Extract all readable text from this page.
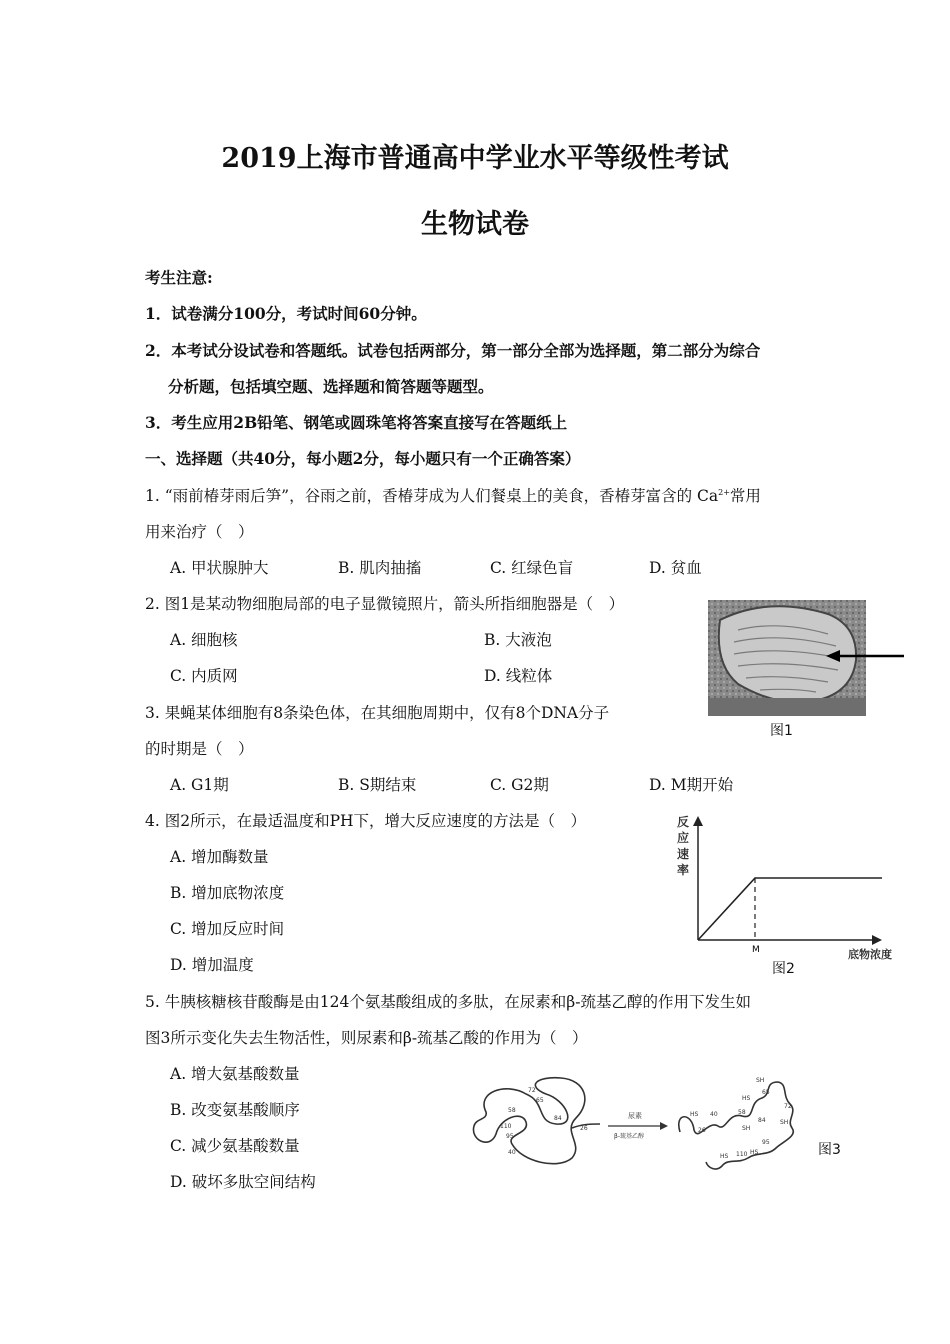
2019上海市普通高中学业水平等级性考试
生物试卷
考生注意:
1．试卷满分100分，考试时间60分钟。
2．本考试分设试卷和答题纸。试卷包括两部分，第一部分全部为选择题，第二部分为综合
分析题，包括填空题、选择题和简答题等题型。
3．考生应用2B铅笔、钢笔或圆珠笔将答案直接写在答题纸上
一、选择题（共40分，每小题2分，每小题只有一个正确答案）
1. “雨前椿芽雨后笋”，谷雨之前，香椿芽成为人们餐桌上的美食，香椿芽富含的 $Ca^{2+}$常用
用来治疗（　）
A. 甲状腺肿大	B. 肌肉抽搐	C. 红绿色盲	D. 贫血
2. 图1是某动物细胞局部的电子显微镜照片，箭头所指细胞器是（　）
A. 细胞核	B. 大液泡
C. 内质网	D. 线粒体
图1
3. 果蝇某体细胞有8条染色体，在其细胞周期中，仅有8个DNA分子
的时期是（　）
A. G1期	B. S期结束	C. G2期	D. M期开始
4. 图2所示，在最适温度和PH下，增大反应速度的方法是（　）
A. 增加酶数量
B. 增加底物浓度
C. 增加反应时间
D. 增加温度
M
反
应
速
率
底物浓度
图2
5. 牛胰核糖核苷酸酶是由124个氨基酸组成的多肽，在尿素和β-巯基乙醇的作用下发生如
图3所示变化失去生物活性，则尿素和β-巯基乙酸的作用为（　）
A. 增大氨基酸数量
B. 改变氨基酸顺序
C. 减少氨基酸数量
D. 破坏多肽空间结构
72
65
58
84
110
95
40
26
尿素
β-巯基乙醇
SH
65
72
HS
58
SH
84
HS 40
26
SH
95
HS
110
HS	图3
